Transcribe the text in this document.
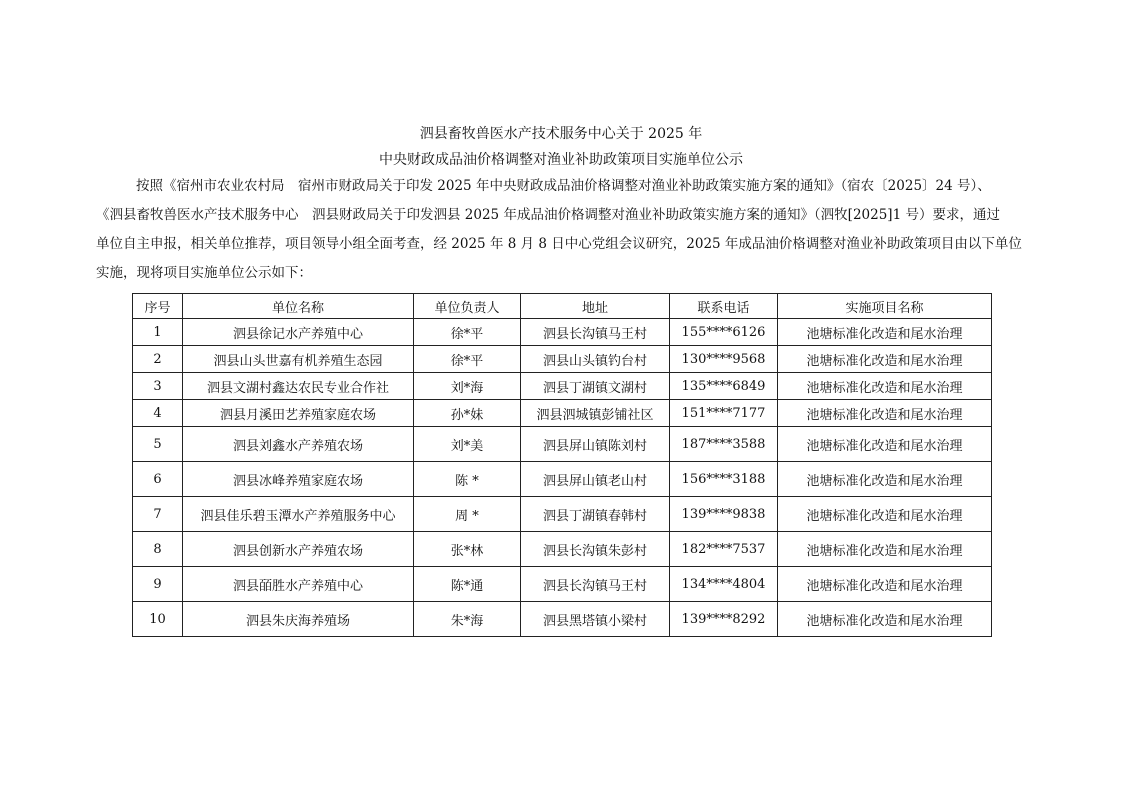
泗县畜牧兽医水产技术服务中心关于 2025 年
中央财政成品油价格调整对渔业补助政策项目实施单位公示
按照《宿州市农业农村局　宿州市财政局关于印发 2025 年中央财政成品油价格调整对渔业补助政策实施方案的通知》（宿农〔2025〕24 号）、
《泗县畜牧兽医水产技术服务中心　泗县财政局关于印发泗县 2025 年成品油价格调整对渔业补助政策实施方案的通知》（泗牧[2025]1 号）要求，通过
单位自主申报，相关单位推荐，项目领导小组全面考查，经 2025 年 8 月 8 日中心党组会议研究，2025 年成品油价格调整对渔业补助政策项目由以下单位
实施，现将项目实施单位公示如下：
序号	单位名称	单位负责人	地址	联系电话	实施项目名称
1	泗县徐记水产养殖中心	徐*平	泗县长沟镇马王村	155****6126	池塘标准化改造和尾水治理
2	泗县山头世嘉有机养殖生态园	徐*平	泗县山头镇钓台村	130****9568	池塘标准化改造和尾水治理
3	泗县文湖村鑫达农民专业合作社	刘*海	泗县丁湖镇文湖村	135****6849	池塘标准化改造和尾水治理
4	泗县月溪田艺养殖家庭农场	孙*妹	泗县泗城镇彭铺社区	151****7177	池塘标准化改造和尾水治理
5	泗县刘鑫水产养殖农场	刘*美	泗县屏山镇陈刘村	187****3588	池塘标准化改造和尾水治理
6	泗县冰峰养殖家庭农场	陈 *	泗县屏山镇老山村	156****3188	池塘标准化改造和尾水治理
7	泗县佳乐碧玉潭水产养殖服务中心	周 *	泗县丁湖镇春韩村	139****9838	池塘标准化改造和尾水治理
8	泗县创新水产养殖农场	张*林	泗县长沟镇朱彭村	182****7537	池塘标准化改造和尾水治理
9	泗县皕胜水产养殖中心	陈*通	泗县长沟镇马王村	134****4804	池塘标准化改造和尾水治理
10	泗县朱庆海养殖场	朱*海	泗县黑塔镇小梁村	139****8292	池塘标准化改造和尾水治理
